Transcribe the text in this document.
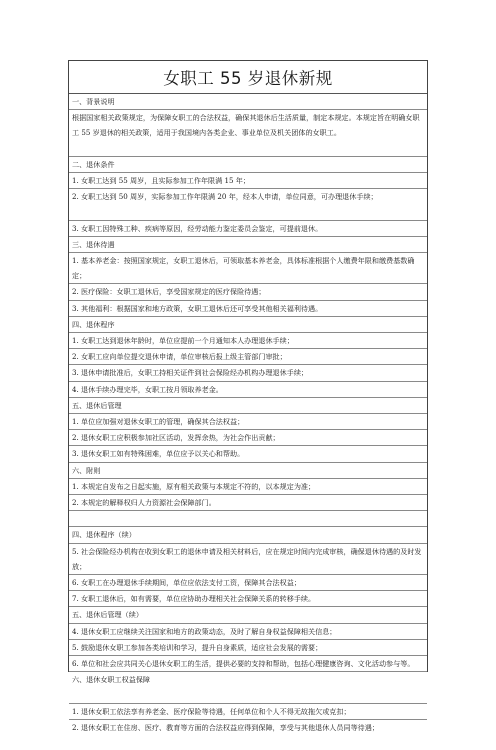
女职工 55 岁退休新规
一、背景说明
根据国家相关政策规定，为保障女职工的合法权益，确保其退休后生活质量，制定本规定。本规定旨在明确女职工 55 岁退休的相关政策，适用于我国境内各类企业、事业单位及机关团体的女职工。
二、退休条件
1. 女职工达到 55 周岁，且实际参加工作年限满 15 年；
2. 女职工达到 50 周岁，实际参加工作年限满 20 年，经本人申请，单位同意，可办理退休手续；
3. 女职工因特殊工种、疾病等原因，经劳动能力鉴定委员会鉴定，可提前退休。
三、退休待遇
1. 基本养老金：按照国家规定，女职工退休后，可领取基本养老金，具体标准根据个人缴费年限和缴费基数确定；
2. 医疗保险：女职工退休后，享受国家规定的医疗保险待遇；
3. 其他福利：根据国家和地方政策，女职工退休后还可享受其他相关福利待遇。
四、退休程序
1. 女职工达到退休年龄时，单位应提前一个月通知本人办理退休手续；
2. 女职工应向单位提交退休申请，单位审核后报上级主管部门审批；
3. 退休申请批准后，女职工持相关证件到社会保险经办机构办理退休手续；
4. 退休手续办理完毕，女职工按月领取养老金。
五、退休后管理
1. 单位应加强对退休女职工的管理，确保其合法权益；
2. 退休女职工应积极参加社区活动，发挥余热，为社会作出贡献；
3. 退休女职工如有特殊困难，单位应予以关心和帮助。
六、附则
1. 本规定自发布之日起实施，原有相关政策与本规定不符的，以本规定为准；
2. 本规定的解释权归人力资源社会保障部门。
四、退休程序（续）
5. 社会保险经办机构在收到女职工的退休申请及相关材料后，应在规定时间内完成审核，确保退休待遇的及时发放；
6. 女职工在办理退休手续期间，单位应依法支付工资，保障其合法权益；
7. 女职工退休后，如有需要，单位应协助办理相关社会保障关系的转移手续。
五、退休后管理（续）
4. 退休女职工应继续关注国家和地方的政策动态，及时了解自身权益保障相关信息；
5. 鼓励退休女职工参加各类培训和学习，提升自身素质，适应社会发展的需要；
6. 单位和社会应共同关心退休女职工的生活，提供必要的支持和帮助，包括心理健康咨询、文化活动参与等。
六、退休女职工权益保障
1. 退休女职工依法享有养老金、医疗保险等待遇，任何单位和个人不得无故拖欠或克扣；
2. 退休女职工在住房、医疗、教育等方面的合法权益应得到保障，享受与其他退休人员同等待遇；
